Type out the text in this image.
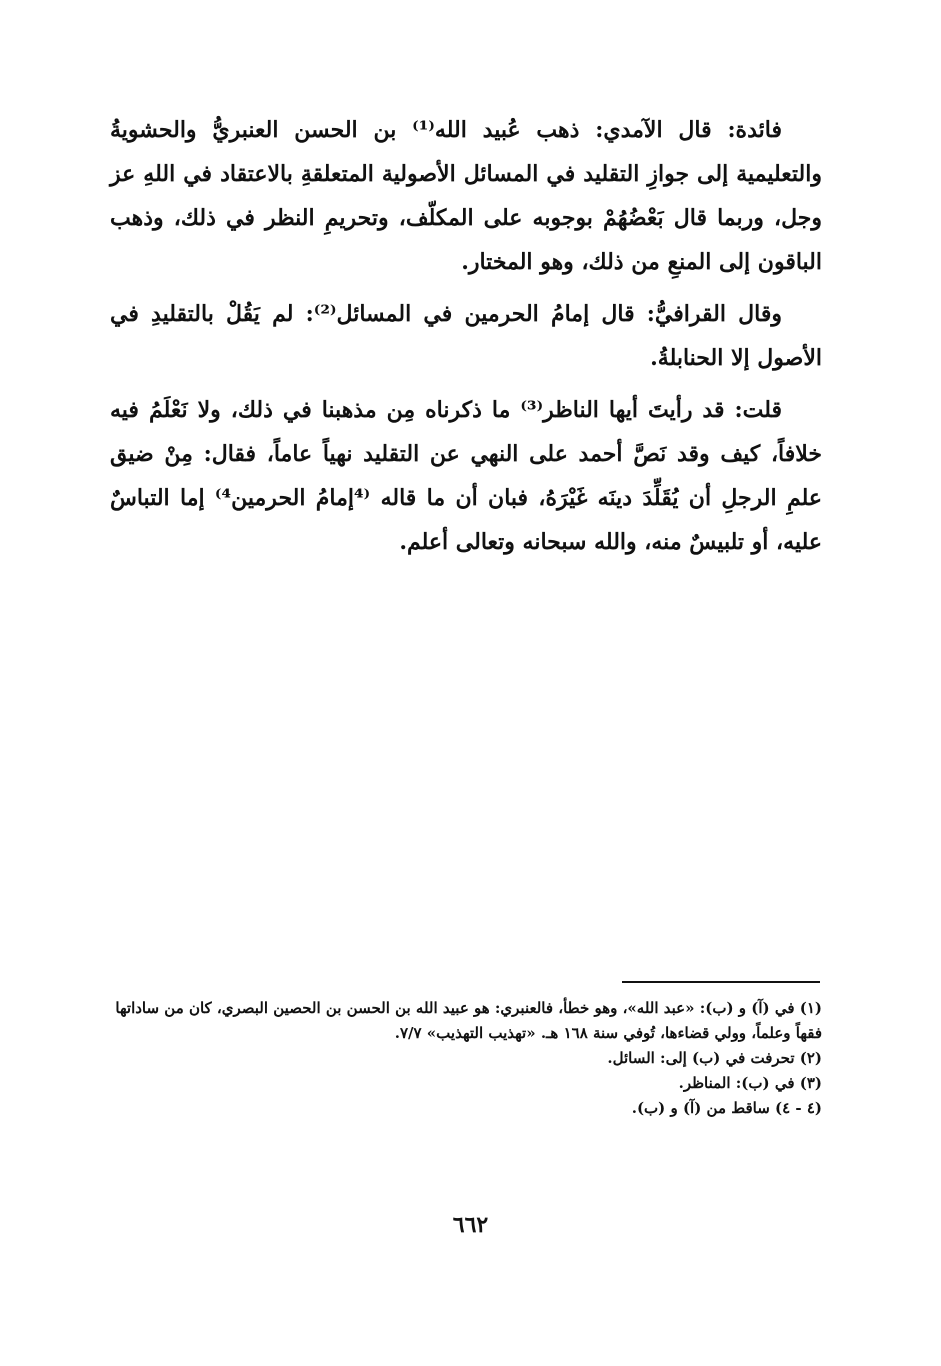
فائدة: قال الآمدي: ذهب عُبيد الله⁽¹⁾ بن الحسن العنبريُّ والحشويةُ والتعليمية إلى جوازِ التقليد في المسائل الأصولية المتعلقةِ بالاعتقاد في اللهِ عز وجل، وربما قال بَعْضُهُمْ بوجوبه على المكلّف، وتحريمِ النظر في ذلك، وذهب الباقون إلى المنعِ من ذلك، وهو المختار.

وقال القرافيُّ: قال إمامُ الحرمين في المسائل⁽²⁾: لم يَقُلْ بالتقليدِ في الأصول إلا الحنابلةُ.

قلت: قد رأيتَ أيها الناظر⁽³⁾ ما ذكرناه مِن مذهبنا في ذلك، ولا نَعْلَمُ فيه خلافاً، كيف وقد نَصَّ أحمد على النهي عن التقليد نهياً عاماً، فقال: مِنْ ضيق علمِ الرجلِ أن يُقَلِّدَ دينَه غَيْرَهُ، فبان أن ما قاله ⁽⁴إمامُ الحرمين⁴⁾ إما التباسٌ عليه، أو تلبيسٌ منه، والله سبحانه وتعالى أعلم.

(١) في (آ) و (ب): «عبد الله»، وهو خطأ، فالعنبري: هو عبيد الله بن الحسن بن الحصين البصري، كان من ساداتها فقهاً وعلماً، وولي قضاءها، تُوفي سنة ١٦٨ هـ. «تهذيب التهذيب» ٧/٧.

(٢) تحرفت في (ب) إلى: السائل.

(٣) في (ب): المناظر.

(٤ - ٤) ساقط من (آ) و (ب).

٦٦٢
